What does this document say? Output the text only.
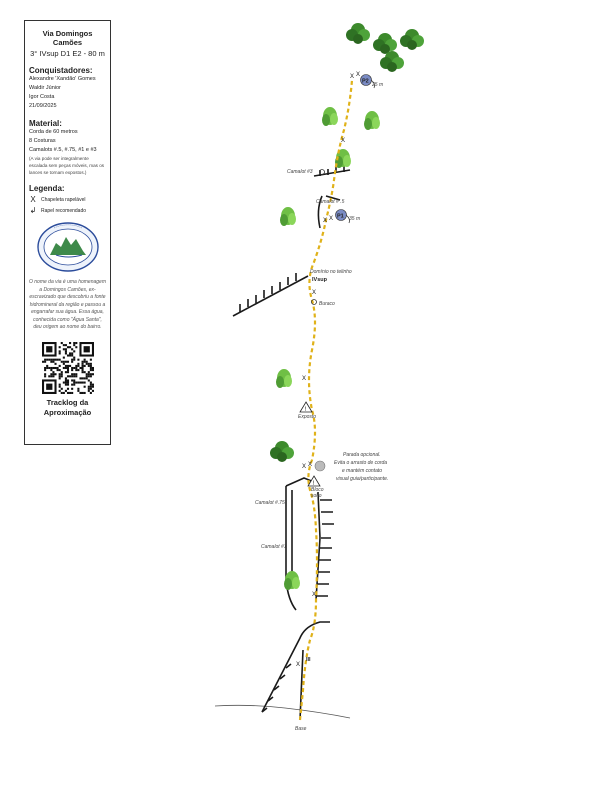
Via Domingos Camões
3° IVsup D1 E2 - 80 m
Conquistadores:
Alexandre 'Xandão' Gomes
Waldir Júnior
Igor Costa
21/09/2025
Material:
Corda de 60 metros
8 Costuras
Camalots #.5, #.75, #1 e #3
(A via pode ser integralmente escalada sem peças móveis, mas os lances se tornam expostos.)
Legenda:
X Chapeleta rapelável
↲ Rapel recomendado
O nome da via é uma homenagem a Domingos Camões, ex-escravizado que descobriu a fonte hidromineral da região e passou a engarrafar sua água. Essa água, conhecida como "Água Santa", deu origem ao nome do bairro.
Tracklog da Aproximação
X X
X
X X
X
X
X X
X
X
P2
25 m
P1 35 m
!
!
Camalot #3
Camalot # .5
Domínio no telinho
IVsup
Buraco
Exposto
Parada opcional.
Evita o arrasto de corda
e mantém contato
visual guia/participante.
Bloco
solto
Camalot #.75
Camalot #1
III
Base
